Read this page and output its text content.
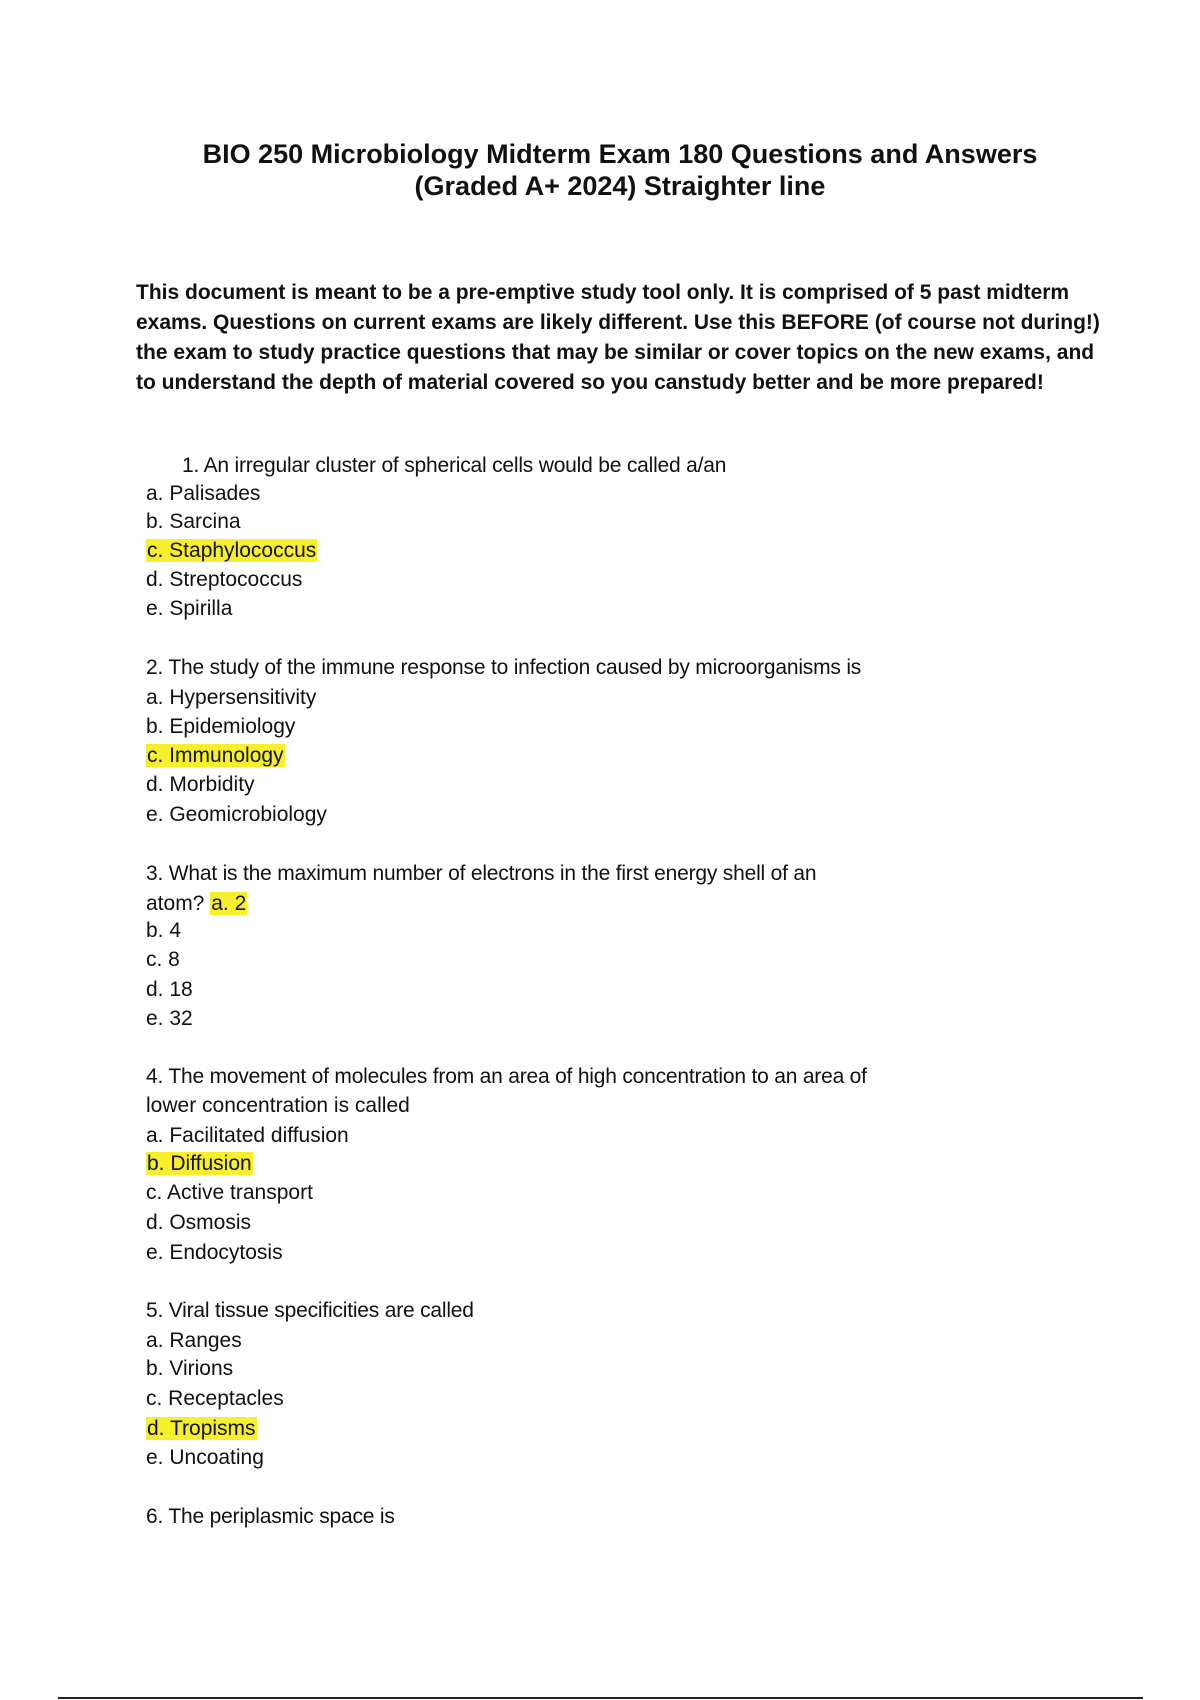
BIO 250 Microbiology Midterm Exam 180 Questions and Answers
(Graded A+ 2024) Straighter line

This document is meant to be a pre-emptive study tool only. It is comprised of 5 past midterm exams. Questions on current exams are likely different. Use this BEFORE (of course not during!) the exam to study practice questions that may be similar or cover topics on the new exams, and to understand the depth of material covered so you canstudy better and be more prepared!

1. An irregular cluster of spherical cells would be called a/an
a. Palisades
b. Sarcina
c. Staphylococcus
d. Streptococcus
e. Spirilla
2. The study of the immune response to infection caused by microorganisms is
a. Hypersensitivity
b. Epidemiology
c. Immunology
d. Morbidity
e. Geomicrobiology
3. What is the maximum number of electrons in the first energy shell of an
atom? a. 2
b. 4
c. 8
d. 18
e. 32
4. The movement of molecules from an area of high concentration to an area of
lower concentration is called
a. Facilitated diffusion
b. Diffusion
c. Active transport
d. Osmosis
e. Endocytosis
5. Viral tissue specificities are called
a. Ranges
b. Virions
c. Receptacles
d. Tropisms
e. Uncoating
6. The periplasmic space is
